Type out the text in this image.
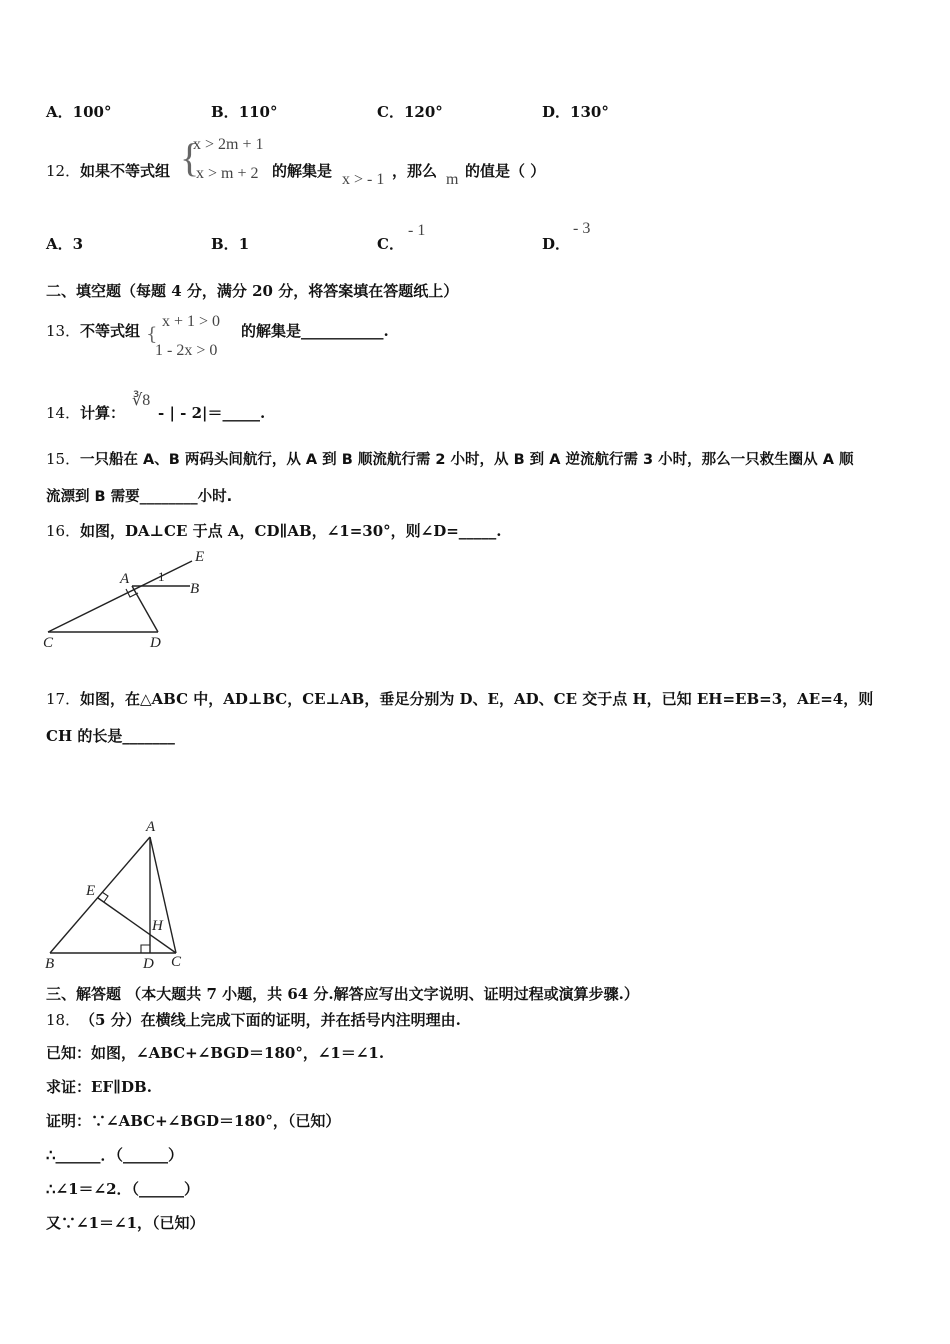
A．100°	B．110°	C．120°	D．130°
12． 如果不等式组 {
x > 2m + 1
x > m + 2 的解集是 x > - 1 ，那么 m 的值是（ ）
A．3	B．1	C．
- 1
D．
- 3
二、填空题（每题 4 分，满分 20 分，将答案填在答题纸上）
13． 不等式组 {
x + 1 > 0
1 - 2x > 0
的解集是___________.
14． 计算：
∛8
- | - 2|＝_____.
15． 一只船在 A、B 两码头间航行，从 A 到 B 顺流航行需 2 小时，从 B 到 A 逆流航行需 3 小时，那么一只救生圈从 A 顺
流漂到 B 需要________小时.
16． 如图，DA⊥CE 于点 A，CD∥AB，∠1=30°，则∠D=_____.
E
A 1
B
C	D
17． 如图，在△ABC 中，AD⊥BC，CE⊥AB，垂足分别为 D、E，AD、CE 交于点 H，已知 EH=EB=3，AE=4，则
CH 的长是_______
A
E
H
B	D C
三、解答题 （本大题共 7 小题，共 64 分.解答应写出文字说明、证明过程或演算步骤.）
18． （5 分）在横线上完成下面的证明，并在括号内注明理由.
已知：如图，∠ABC+∠BGD＝180°，∠1＝∠1.
求证：EF∥DB.
证明：∵∠ABC+∠BGD＝180°，（已知）
∴______．（______）
∴∠1＝∠2．（______）
又∵∠1＝∠1，（已知）
